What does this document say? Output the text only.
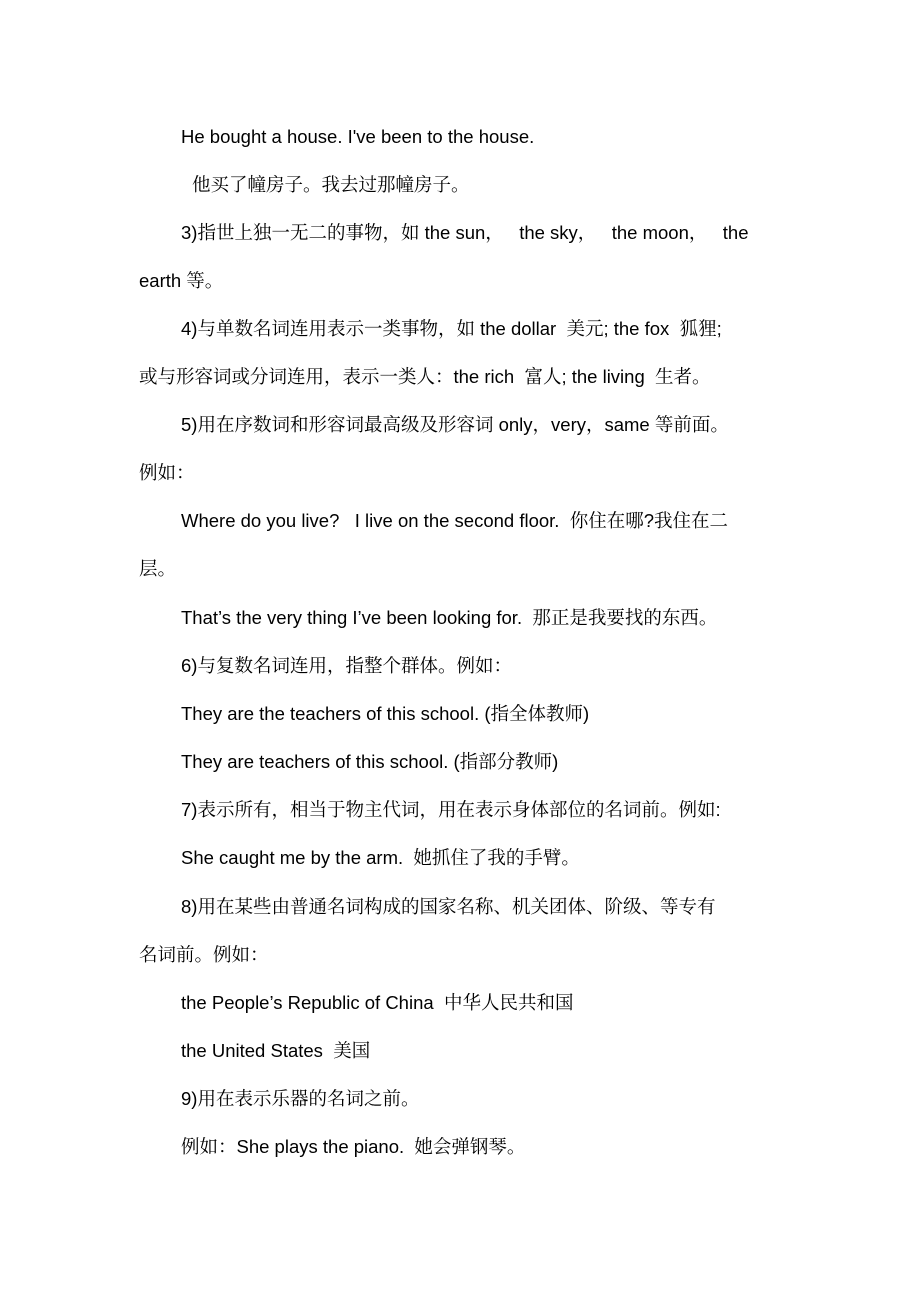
He bought a house. I've been to the house.
他买了幢房子。我去过那幢房子。
3)指世上独一无二的事物，如 the sun，   the sky，   the moon，   the
earth 等。
4)与单数名词连用表示一类事物，如 the dollar  美元; the fox  狐狸;
或与形容词或分词连用，表示一类人：the rich  富人; the living  生者。
5)用在序数词和形容词最高级及形容词 only，very，same 等前面。
例如：
Where do you live?   I live on the second floor.  你住在哪?我住在二
层。
That’s the very thing I’ve been looking for.  那正是我要找的东西。
6)与复数名词连用，指整个群体。例如：
They are the teachers of this school. (指全体教师)
They are teachers of this school. (指部分教师)
7)表示所有，相当于物主代词，用在表示身体部位的名词前。例如:
She caught me by the arm.  她抓住了我的手臂。
8)用在某些由普通名词构成的国家名称、机关团体、阶级、等专有
名词前。例如：
the People’s Republic of China  中华人民共和国
the United States  美国
9)用在表示乐器的名词之前。
例如：She plays the piano.  她会弹钢琴。
